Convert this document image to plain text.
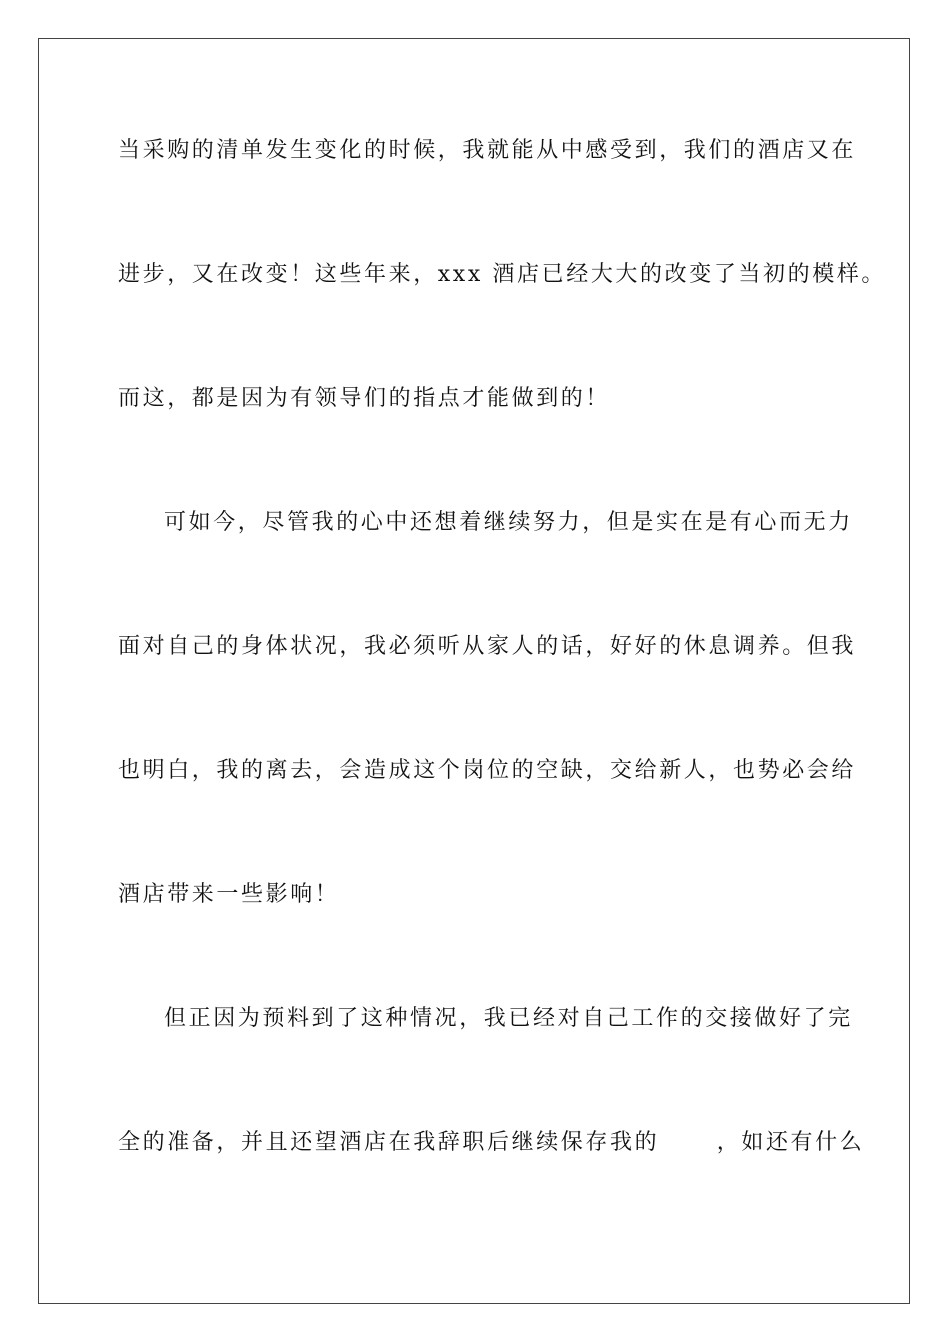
当采购的清单发生变化的时候，我就能从中感受到，我们的酒店又在

进步，又在改变！这些年来，xxx 酒店已经大大的改变了当初的模样。

而这，都是因为有领导们的指点才能做到的！

可如今，尽管我的心中还想着继续努力，但是实在是有心而无力

面对自己的身体状况，我必须听从家人的话，好好的休息调养。但我

也明白，我的离去，会造成这个岗位的空缺，交给新人，也势必会给

酒店带来一些影响！

但正因为预料到了这种情况，我已经对自己工作的交接做好了完

全的准备，并且还望酒店在我辞职后继续保存我的      ，如还有什么
